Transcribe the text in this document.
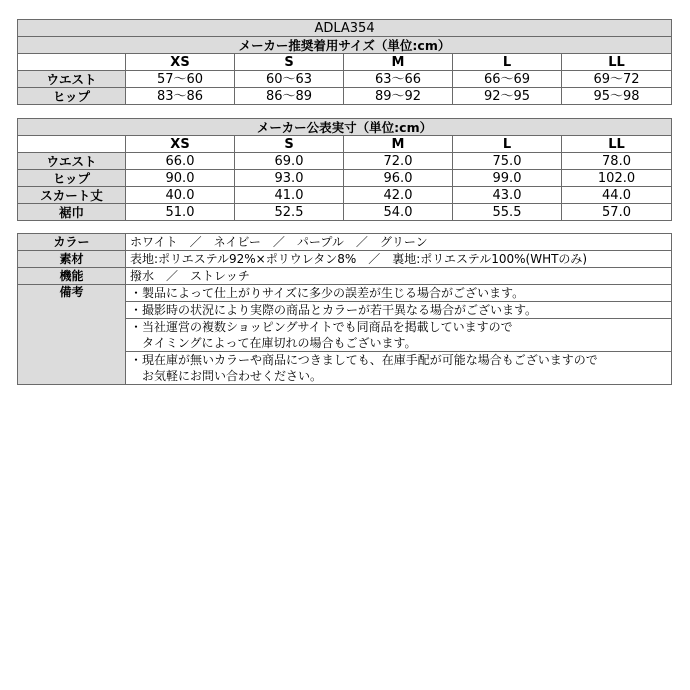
ADLA354					
メーカー推奨着用サイズ（単位:cm）					
	XS	S	M	L	LL
ウエスト	57〜60	60〜63	63〜66	66〜69	69〜72
ヒップ	83〜86	86〜89	89〜92	92〜95	95〜98
メーカー公表実寸（単位:cm）					
	XS	S	M	L	LL
ウエスト	66.0	69.0	72.0	75.0	78.0
ヒップ	90.0	93.0	96.0	99.0	102.0
スカート丈	40.0	41.0	42.0	43.0	44.0
裾巾	51.0	52.5	54.0	55.5	57.0
カラー	ホワイト　／　ネイビー　／　パープル　／　グリーン
素材	表地:ポリエステル92%×ポリウレタン8%　／　裏地:ポリエステル100%(WHTのみ)
機能	撥水　／　ストレッチ
備考	・製品によって仕上がりサイズに多少の誤差が生じる場合がございます。
	・撮影時の状況により実際の商品とカラーが若干異なる場合がございます。

	・当社運営の複数ショッピングサイトでも同商品を掲載していますので
　タイミングによって在庫切れの場合もございます。

	・現在庫が無いカラーや商品につきましても、在庫手配が可能な場合もございますので
　お気軽にお問い合わせください。
